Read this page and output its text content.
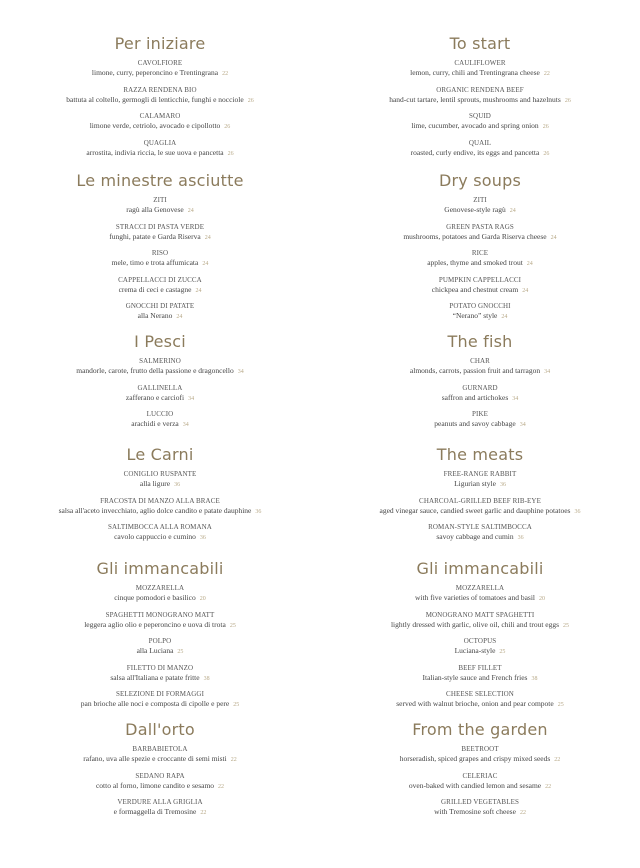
Per iniziare
CAVOLFIORE
limone, curry, peperoncino e Trentingrana 22
RAZZA RENDENA BIO
battuta al coltello, germogli di lenticchie, funghi e nocciole 26
CALAMARO
limone verde, cetriolo, avocado e cipollotto 26
QUAGLIA
arrostita, indivia riccia, le sue uova e pancetta 26
Le minestre asciutte
ZITI
ragù alla Genovese 24
STRACCI DI PASTA VERDE
funghi, patate e Garda Riserva 24
RISO
mele, timo e trota affumicata 24
CAPPELLACCI DI ZUCCA
crema di ceci e castagne 24
GNOCCHI DI PATATE
alla Nerano 24
I Pesci
SALMERINO
mandorle, carote, frutto della passione e dragoncello 34
GALLINELLA
zafferano e carciofi 34
LUCCIO
arachidi e verza 34
Le Carni
CONIGLIO RUSPANTE
alla ligure 36
FRACOSTA DI MANZO ALLA BRACE
salsa all'aceto invecchiato, aglio dolce candito e patate dauphine 36
SALTIMBOCCA ALLA ROMANA
cavolo cappuccio e cumino 36
Gli immancabili
MOZZARELLA
cinque pomodori e basilico 20
SPAGHETTI MONOGRANO MATT
leggera aglio olio e peperoncino e uova di trota 25
POLPO
alla Luciana 25
FILETTO DI MANZO
salsa all'Italiana e patate fritte 38
SELEZIONE DI FORMAGGI
pan brioche alle noci e composta di cipolle e pere 25
Dall'orto
BARBABIETOLA
rafano, uva alle spezie e croccante di semi misti 22
SEDANO RAPA
cotto al forno, limone candito e sesamo 22
VERDURE ALLA GRIGLIA
e formaggella di Tremosine 22
To start
CAULIFLOWER
lemon, curry, chili and Trentingrana cheese 22
ORGANIC RENDENA BEEF
hand-cut tartare, lentil sprouts, mushrooms and hazelnuts 26
SQUID
lime, cucumber, avocado and spring onion 26
QUAIL
roasted, curly endive, its eggs and pancetta 26
Dry soups
ZITI
Genovese-style ragù 24
GREEN PASTA RAGS
mushrooms, potatoes and Garda Riserva cheese 24
RICE
apples, thyme and smoked trout 24
PUMPKIN CAPPELLACCI
chickpea and chestnut cream 24
POTATO GNOCCHI
“Nerano” style 24
The fish
CHAR
almonds, carrots, passion fruit and tarragon 34
GURNARD
saffron and artichokes 34
PIKE
peanuts and savoy cabbage 34
The meats
FREE-RANGE RABBIT
Ligurian style 36
CHARCOAL-GRILLED BEEF RIB-EYE
aged vinegar sauce, candied sweet garlic and dauphine potatoes 36
ROMAN-STYLE SALTIMBOCCA
savoy cabbage and cumin 36
Gli immancabili
MOZZARELLA
with five varieties of tomatoes and basil 20
MONOGRANO MATT SPAGHETTI
lightly dressed with garlic, olive oil, chili and trout eggs 25
OCTOPUS
Luciana-style 25
BEEF FILLET
Italian-style sauce and French fries 38
CHEESE SELECTION
served with walnut brioche, onion and pear compote 25
From the garden
BEETROOT
horseradish, spiced grapes and crispy mixed seeds 22
CELERIAC
oven-baked with candied lemon and sesame 22
GRILLED VEGETABLES
with Tremosine soft cheese 22
